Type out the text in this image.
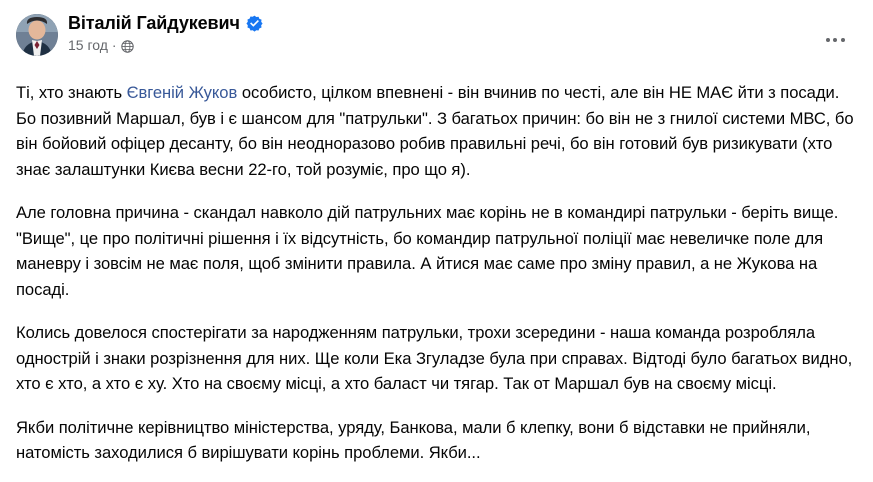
Віталій Гайдукевич
15 год ·

Ті, хто знають Євгеній Жуков особисто, цілком впевнені - він вчинив по честі, але він НЕ МАЄ йти з посади. Бо позивний Маршал, був і є шансом для "патрульки". З багатьох причин: бо він не з гнилої системи МВС, бо він бойовий офіцер десанту, бо він неодноразово робив правильні речі, бо він готовий був ризикувати (хто знає залаштунки Києва весни 22-го, той розуміє, про що я).

Але головна причина - скандал навколо дій патрульних має корінь не в командирі патрульки - беріть вище. "Вище", це про політичні рішення і їх відсутність, бо командир патрульної поліції має невеличке поле для маневру і зовсім не має поля, щоб змінити правила. А йтися має саме про зміну правил, а не Жукова на посаді.

Колись довелося спостерігати за народженням патрульки, трохи зсередини - наша команда розробляла однострій і знаки розрізнення для них. Ще коли Ека Згуладзе була при справах. Відтоді було багатьох видно, хто є хто, а хто є ху. Хто на своєму місці, а хто баласт чи тягар. Так от Маршал був на своєму місці.

Якби політичне керівництво міністерства, уряду, Банкова, мали б клепку, вони б відставки не прийняли, натомість заходилися б вирішувати корінь проблеми. Якби...
